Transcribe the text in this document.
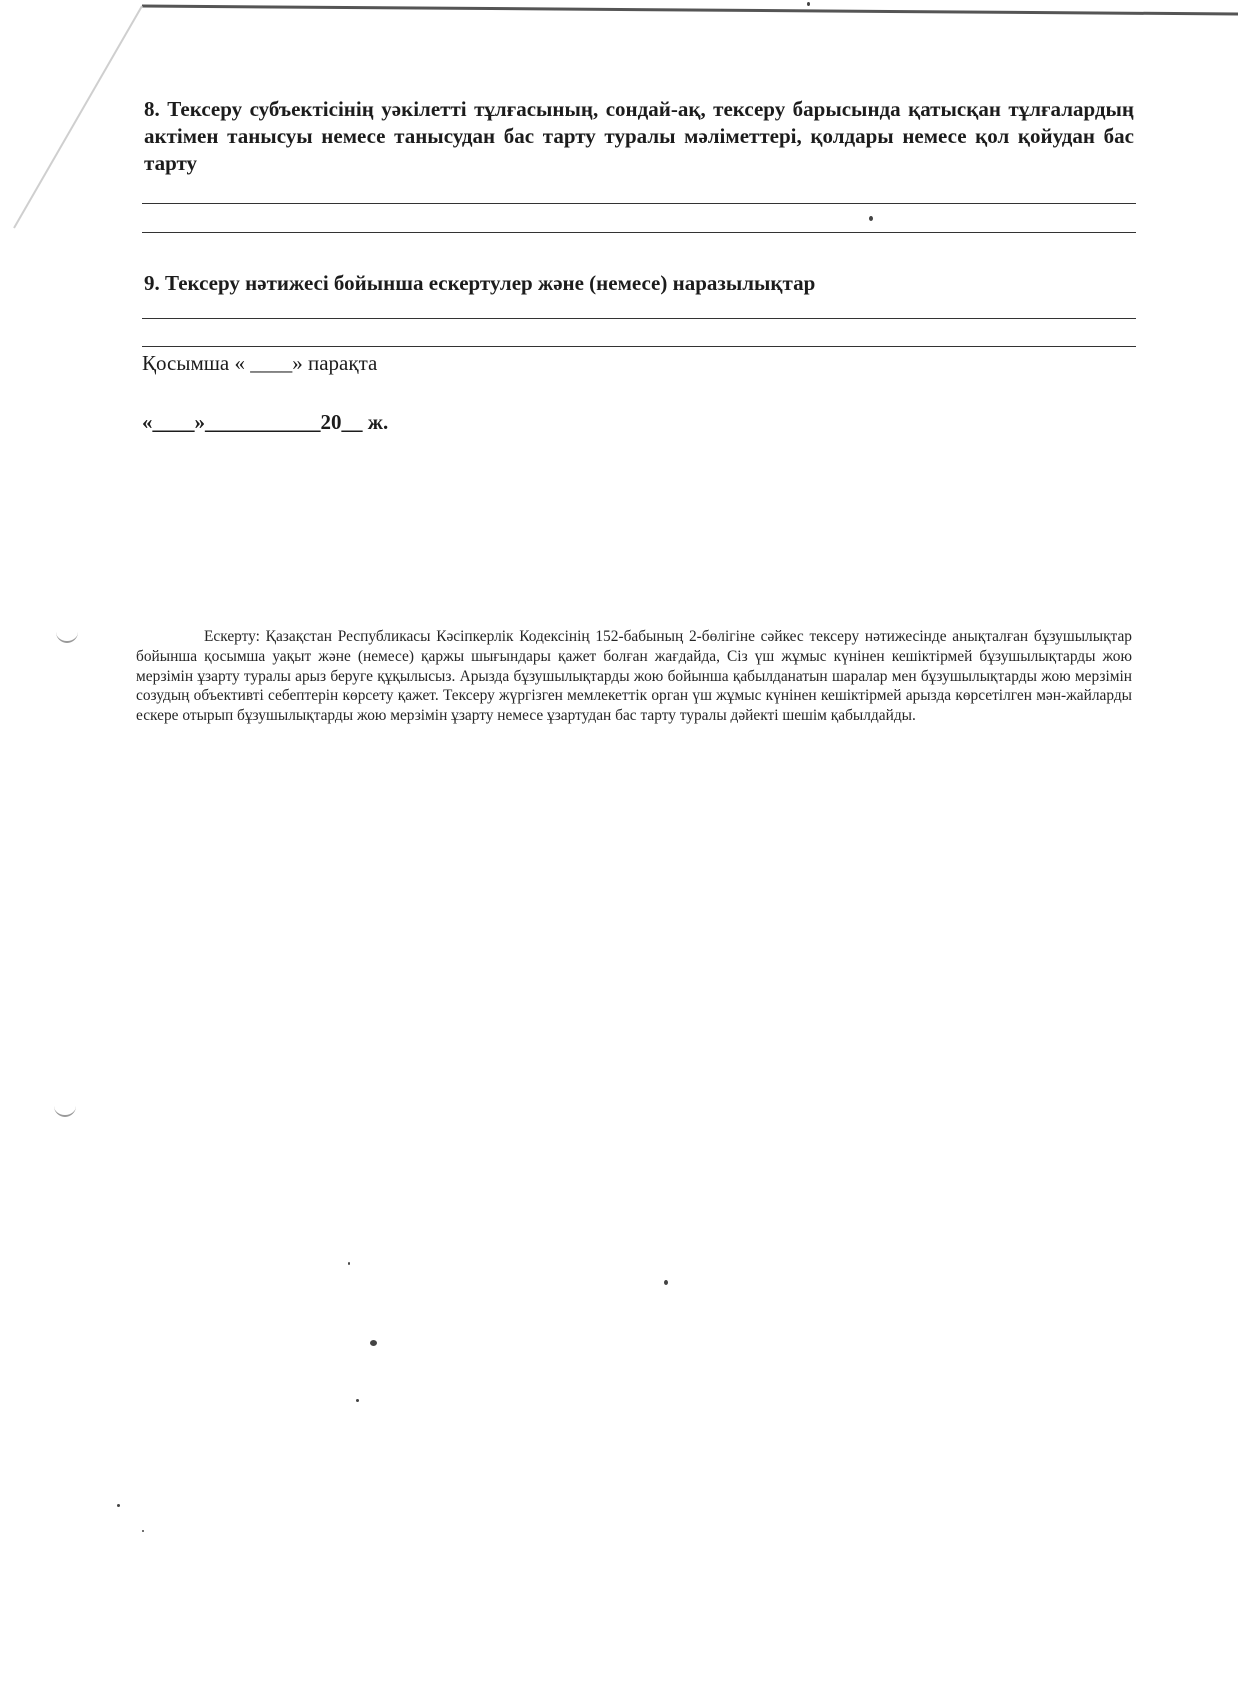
8. Тексеру субъектісінің уәкілетті тұлғасының, сондай-ақ, тексеру барысында қатысқан тұлғалардың актімен танысуы немесе танысудан бас тарту туралы мәліметтері, қолдары немесе қол қойудан бас тарту

9. Тексеру нәтижесі бойынша ескертулер және (немесе) наразылықтар

Қосымша « ____» парақта

«____»___________20__ ж.

Ескерту: Қазақстан Республикасы Кәсіпкерлік Кодексінің 152-бабының 2-бөлігіне сәйкес тексеру нәтижесінде анықталған бұзушылықтар бойынша қосымша уақыт және (немесе) қаржы шығындары қажет болған жағдайда, Сіз үш жұмыс күнінен кешіктірмей бұзушылықтарды жою мерзімін ұзарту туралы арыз беруге құқылысыз. Арызда бұзушылықтарды жою бойынша қабылданатын шаралар мен бұзушылықтарды жою мерзімін созудың объективті себептерін көрсету қажет. Тексеру жүргізген мемлекеттік орган үш жұмыс күнінен кешіктірмей арызда көрсетілген мән-жайларды ескере отырып бұзушылықтарды жою мерзімін ұзарту немесе ұзартудан бас тарту туралы дәйекті шешім қабылдайды.
